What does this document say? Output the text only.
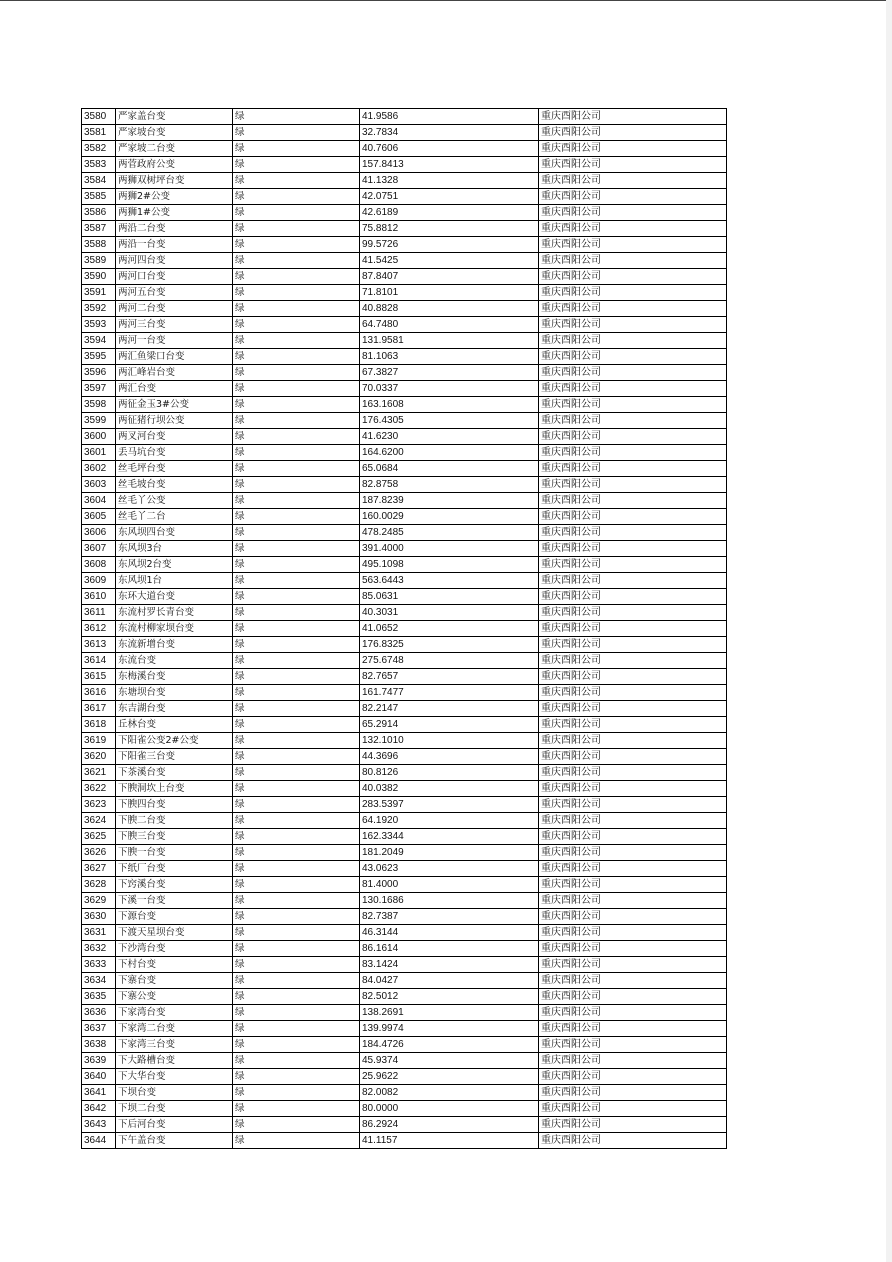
3580	严家盖台变	绿	41.9586	重庆酉阳公司
3581	严家坡台变	绿	32.7834	重庆酉阳公司
3582	严家坡二台变	绿	40.7606	重庆酉阳公司
3583	两菅政府公变	绿	157.8413	重庆酉阳公司
3584	两狮双树坪台变	绿	41.1328	重庆酉阳公司
3585	两狮2#公变	绿	42.0751	重庆酉阳公司
3586	两狮1#公变	绿	42.6189	重庆酉阳公司
3587	两沿二台变	绿	75.8812	重庆酉阳公司
3588	两沿一台变	绿	99.5726	重庆酉阳公司
3589	两河四台变	绿	41.5425	重庆酉阳公司
3590	两河口台变	绿	87.8407	重庆酉阳公司
3591	两河五台变	绿	71.8101	重庆酉阳公司
3592	两河二台变	绿	40.8828	重庆酉阳公司
3593	两河三台变	绿	64.7480	重庆酉阳公司
3594	两河一台变	绿	131.9581	重庆酉阳公司
3595	两汇鱼梁口台变	绿	81.1063	重庆酉阳公司
3596	两汇峰岩台变	绿	67.3827	重庆酉阳公司
3597	两汇台变	绿	70.0337	重庆酉阳公司
3598	两征金玉3#公变	绿	163.1608	重庆酉阳公司
3599	两征猪行坝公变	绿	176.4305	重庆酉阳公司
3600	两叉河台变	绿	41.6230	重庆酉阳公司
3601	丢马坑台变	绿	164.6200	重庆酉阳公司
3602	丝毛坪台变	绿	65.0684	重庆酉阳公司
3603	丝毛坡台变	绿	82.8758	重庆酉阳公司
3604	丝毛丫公变	绿	187.8239	重庆酉阳公司
3605	丝毛丫二台	绿	160.0029	重庆酉阳公司
3606	东风坝四台变	绿	478.2485	重庆酉阳公司
3607	东风坝3台	绿	391.4000	重庆酉阳公司
3608	东风坝2台变	绿	495.1098	重庆酉阳公司
3609	东风坝1台	绿	563.6443	重庆酉阳公司
3610	东环大道台变	绿	85.0631	重庆酉阳公司
3611	东流村罗长青台变	绿	40.3031	重庆酉阳公司
3612	东流村柳家坝台变	绿	41.0652	重庆酉阳公司
3613	东流新增台变	绿	176.8325	重庆酉阳公司
3614	东流台变	绿	275.6748	重庆酉阳公司
3615	东梅溪台变	绿	82.7657	重庆酉阳公司
3616	东塘坝台变	绿	161.7477	重庆酉阳公司
3617	东吉湖台变	绿	82.2147	重庆酉阳公司
3618	丘林台变	绿	65.2914	重庆酉阳公司
3619	下阳雀公变2#公变	绿	132.1010	重庆酉阳公司
3620	下阳雀三台变	绿	44.3696	重庆酉阳公司
3621	下茶溪台变	绿	80.8126	重庆酉阳公司
3622	下腴洞坎上台变	绿	40.0382	重庆酉阳公司
3623	下腴四台变	绿	283.5397	重庆酉阳公司
3624	下腴二台变	绿	64.1920	重庆酉阳公司
3625	下腴三台变	绿	162.3344	重庆酉阳公司
3626	下腴一台变	绿	181.2049	重庆酉阳公司
3627	下纸厂台变	绿	43.0623	重庆酉阳公司
3628	下窍溪台变	绿	81.4000	重庆酉阳公司
3629	下溪一台变	绿	130.1686	重庆酉阳公司
3630	下源台变	绿	82.7387	重庆酉阳公司
3631	下渡天星坝台变	绿	46.3144	重庆酉阳公司
3632	下沙湾台变	绿	86.1614	重庆酉阳公司
3633	下村台变	绿	83.1424	重庆酉阳公司
3634	下寨台变	绿	84.0427	重庆酉阳公司
3635	下寨公变	绿	82.5012	重庆酉阳公司
3636	下家湾台变	绿	138.2691	重庆酉阳公司
3637	下家湾二台变	绿	139.9974	重庆酉阳公司
3638	下家湾三台变	绿	184.4726	重庆酉阳公司
3639	下大路槽台变	绿	45.9374	重庆酉阳公司
3640	下大华台变	绿	25.9622	重庆酉阳公司
3641	下坝台变	绿	82.0082	重庆酉阳公司
3642	下坝二台变	绿	80.0000	重庆酉阳公司
3643	下后河台变	绿	86.2924	重庆酉阳公司
3644	下午盖台变	绿	41.1157	重庆酉阳公司
